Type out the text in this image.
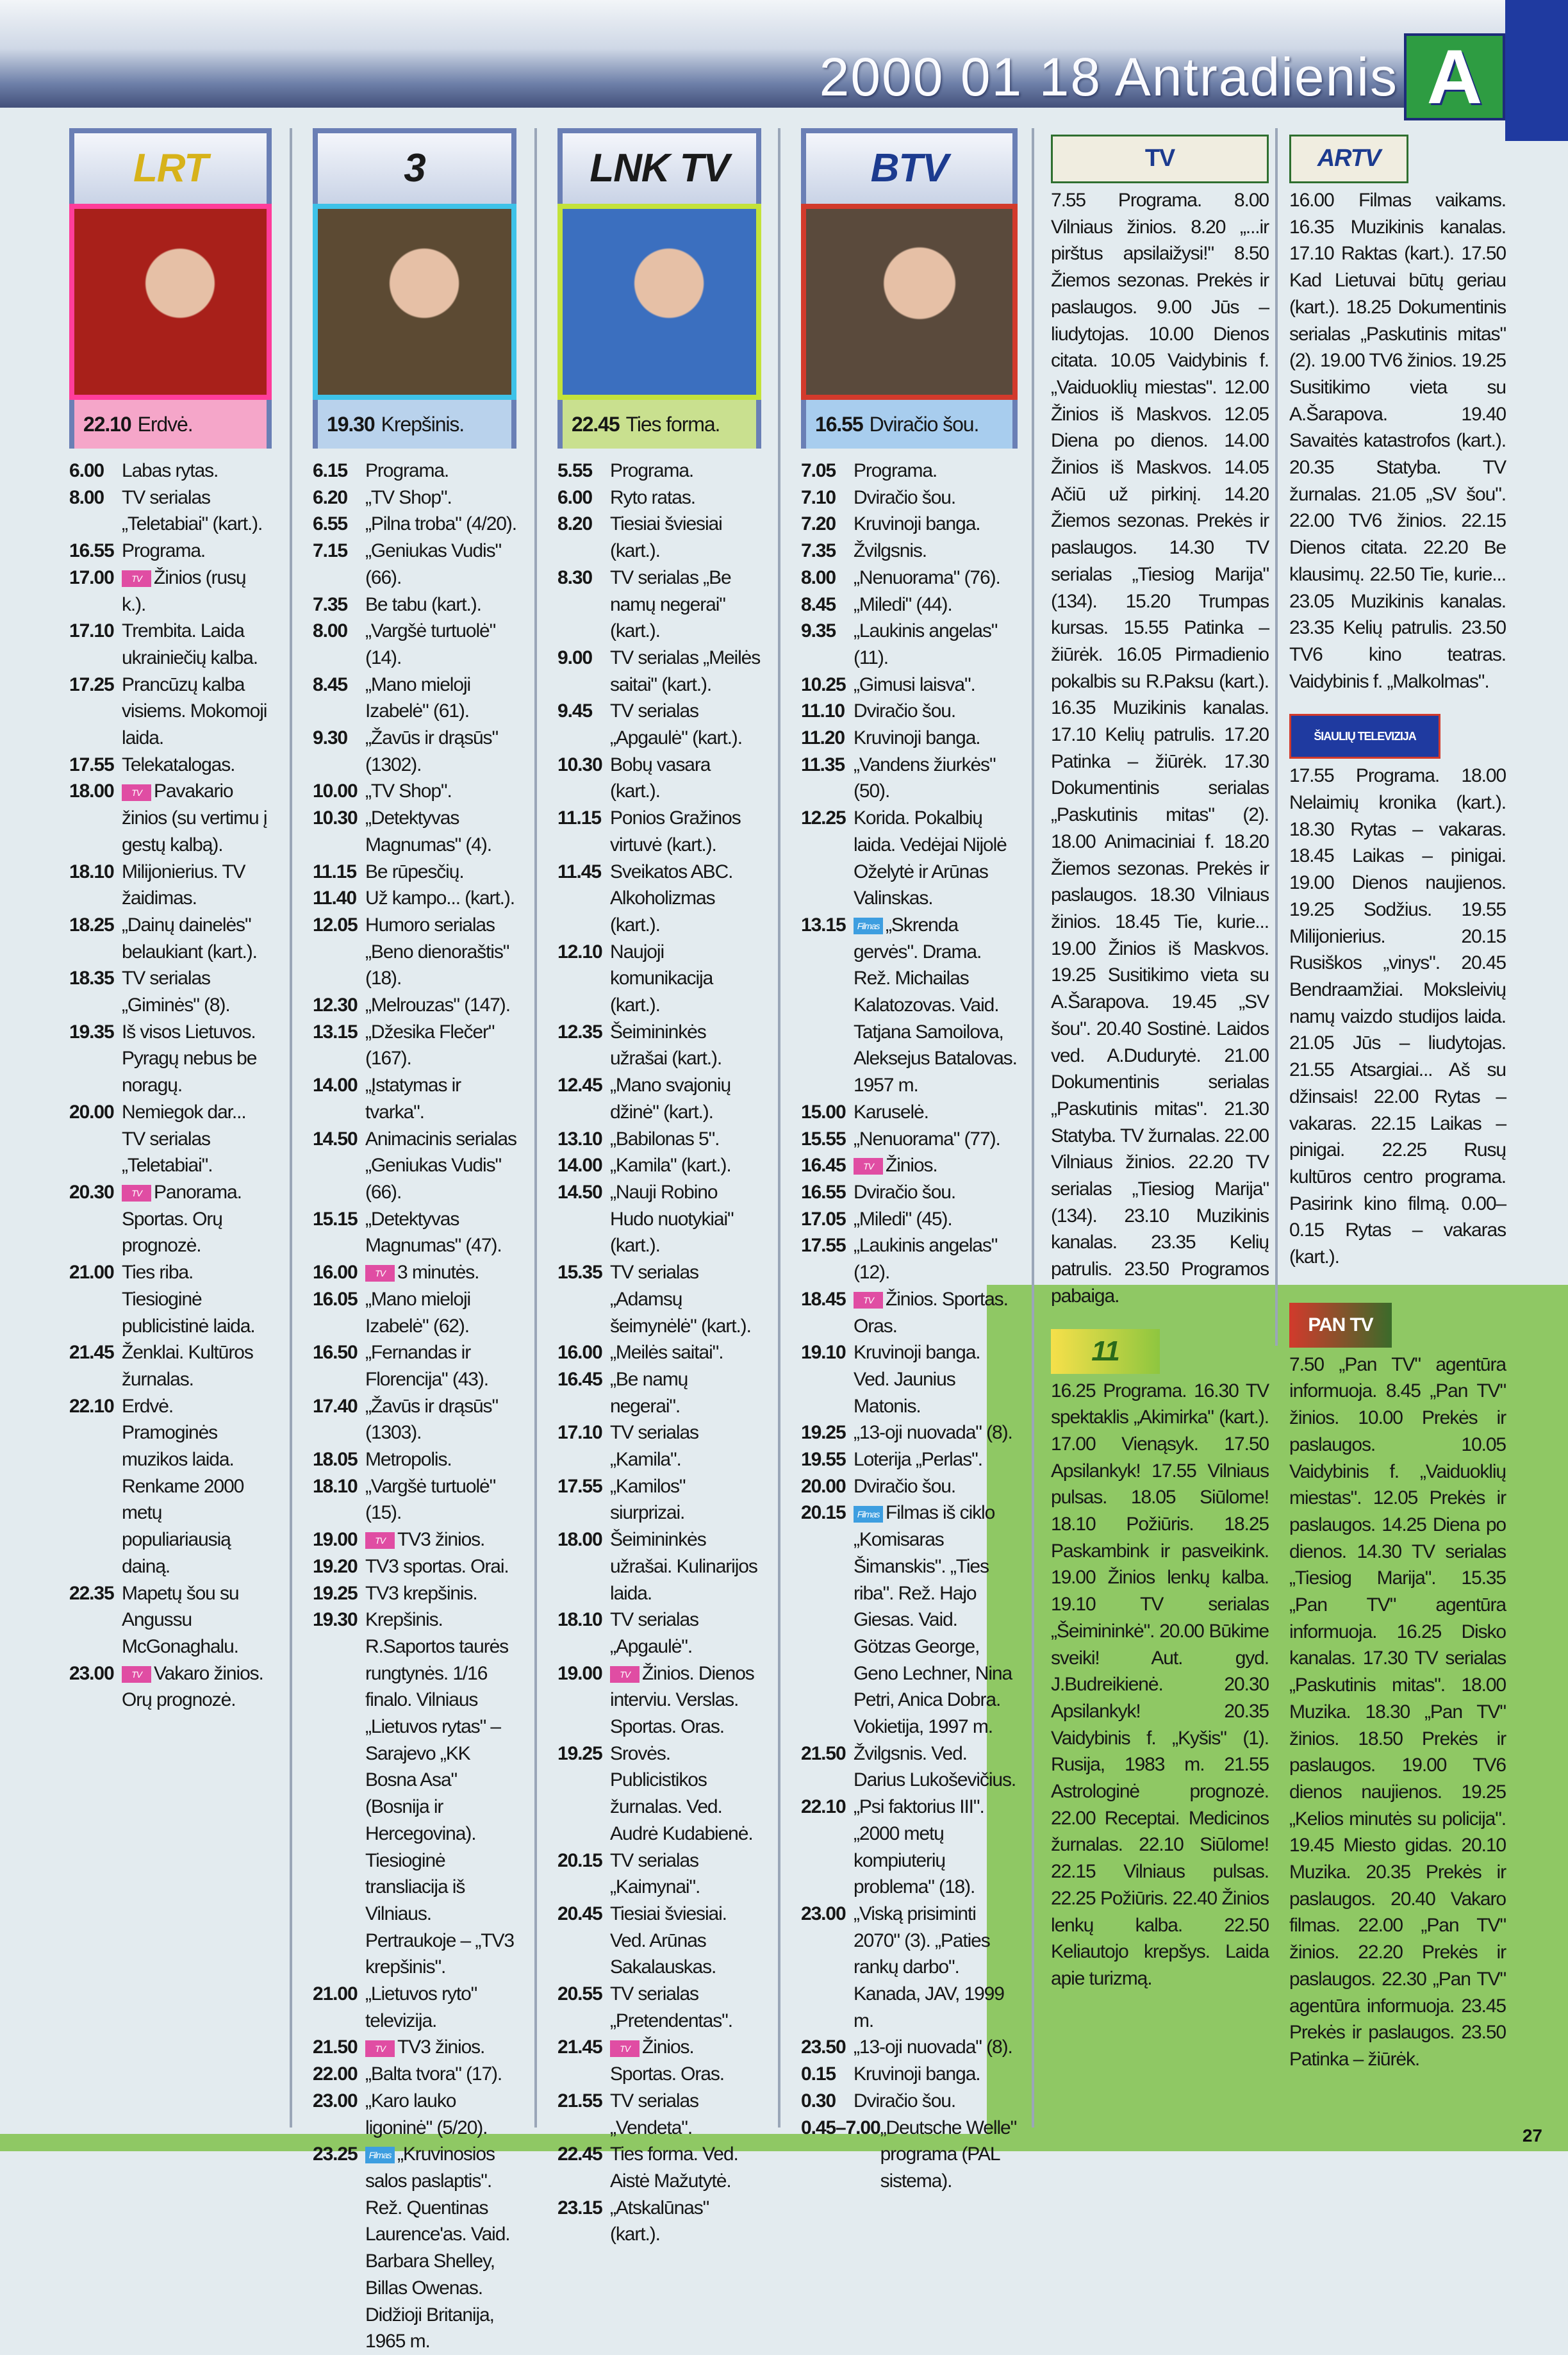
2000 01 18 Antradienis A
LRT
22.10 Erdvė.
6.00 Labas rytas.
8.00 TV serialas „Teletabiai" (kart.).
16.55 Programa.
17.00	TV Žinios (rusų k.).
17.10 Trembita. Laida ukrainiečių kalba.
17.25 Prancūzų kalba visiems. Mokomoji laida.
17.55 Telekatalogas.
18.00	TV Pavakario žinios (su vertimu į gestų kalbą).
18.10 Milijonierius. TV žaidimas.
18.25 „Dainų dainelės" belaukiant (kart.).
18.35 TV serialas „Giminės" (8).
19.35 Iš visos Lietuvos. Pyragų nebus be noragų.
20.00 Nemiegok dar... TV serialas „Teletabiai".
20.30	TV Panorama. Sportas. Orų prognozė.
21.00 Ties riba. Tiesioginė publicistinė laida.
21.45 Ženklai. Kultūros žurnalas.
22.10 Erdvė. Pramoginės muzikos laida. Renkame 2000 metų populiariausią dainą.
22.35 Mapetų šou su Angussu McGonaghalu.
23.00	TV Vakaro žinios. Orų prognozė.
3
19.30 Krepšinis.
6.15 Programa.
6.20 „TV Shop".
6.55 „Pilna troba" (4/20).
7.15 „Geniukas Vudis" (66).
7.35 Be tabu (kart.).
8.00 „Vargšė turtuolė" (14).
8.45 „Mano mieloji Izabelė" (61).
9.30 „Žavūs ir drąsūs" (1302).
10.00 „TV Shop".
10.30 „Detektyvas Magnumas" (4).
11.15 Be rūpesčių.
11.40 Už kampo... (kart.).
12.05 Humoro serialas „Beno dienoraštis" (18).
12.30 „Melrouzas" (147).
13.15 „Džesika Flečer" (167).
14.00 „Įstatymas ir tvarka".
14.50 Animacinis serialas „Geniukas Vudis" (66).
15.15 „Detektyvas Magnumas" (47).
16.00	TV 3 minutės.
16.05 „Mano mieloji Izabelė" (62).
16.50 „Fernandas ir Florencija" (43).
17.40 „Žavūs ir drąsūs" (1303).
18.05 Metropolis.
18.10 „Vargšė turtuolė" (15).
19.00	TV TV3 žinios.
19.20 TV3 sportas. Orai.
19.25 TV3 krepšinis.
19.30 Krepšinis. R.Saportos taurės rungtynės. 1/16 finalo. Vilniaus „Lietuvos rytas" – Sarajevo „KK Bosna Asa" (Bosnija ir Hercegovina). Tiesioginė transliacija iš Vilniaus. Pertraukoje – „TV3 krepšinis".
21.00 „Lietuvos ryto" televizija.
21.50	TV TV3 žinios.
22.00 „Balta tvora" (17).
23.00 „Karo lauko ligoninė" (5/20).
23.25	Filmas „Kruvinosios salos paslaptis". Rež. Quentinas Laurence'as. Vaid. Barbara Shelley, Billas Owenas. Didžioji Britanija, 1965 m.
LNK TV
22.45 Ties forma.
5.55 Programa.
6.00 Ryto ratas.
8.20 Tiesiai šviesiai (kart.).
8.30 TV serialas „Be namų negerai" (kart.).
9.00 TV serialas „Meilės saitai" (kart.).
9.45 TV serialas „Apgaulė" (kart.).
10.30 Bobų vasara (kart.).
11.15 Ponios Gražinos virtuvė (kart.).
11.45 Sveikatos ABC. Alkoholizmas (kart.).
12.10 Naujoji komunikacija (kart.).
12.35 Šeimininkės užrašai (kart.).
12.45 „Mano svajonių džinė" (kart.).
13.10 „Babilonas 5".
14.00 „Kamila" (kart.).
14.50 „Nauji Robino Hudo nuotykiai" (kart.).
15.35 TV serialas „Adamsų šeimynėlė" (kart.).
16.00 „Meilės saitai".
16.45 „Be namų negerai".
17.10 TV serialas „Kamila".
17.55 „Kamilos" siurprizai.
18.00 Šeimininkės užrašai. Kulinarijos laida.
18.10 TV serialas „Apgaulė".
19.00	TV Žinios. Dienos interviu. Verslas. Sportas. Oras.
19.25 Srovės. Publicistikos žurnalas. Ved. Audrė Kudabienė.
20.15 TV serialas „Kaimynai".
20.45 Tiesiai šviesiai. Ved. Arūnas Sakalauskas.
20.55 TV serialas „Pretendentas".
21.45	TV Žinios. Sportas. Oras.
21.55 TV serialas „Vendeta".
22.45 Ties forma. Ved. Aistė Mažutytė.
23.15 „Atskalūnas" (kart.).
BTV
16.55 Dviračio šou.
7.05 Programa.
7.10 Dviračio šou.
7.20 Kruvinoji banga.
7.35 Žvilgsnis.
8.00 „Nenuorama" (76).
8.45 „Miledi" (44).
9.35 „Laukinis angelas" (11).
10.25 „Gimusi laisva".
11.10 Dviračio šou.
11.20 Kruvinoji banga.
11.35 „Vandens žiurkės" (50).
12.25 Korida. Pokalbių laida. Vedėjai Nijolė Oželytė ir Arūnas Valinskas.
13.15	Filmas „Skrenda gervės". Drama. Rež. Michailas Kalatozovas. Vaid. Tatjana Samoilova, Aleksejus Batalovas. 1957 m.
15.00 Karuselė.
15.55 „Nenuorama" (77).
16.45	TV Žinios.
16.55 Dviračio šou.
17.05 „Miledi" (45).
17.55 „Laukinis angelas" (12).
18.45	TV Žinios. Sportas. Oras.
19.10 Kruvinoji banga. Ved. Jaunius Matonis.
19.25 „13-oji nuovada" (8).
19.55 Loterija „Perlas".
20.00 Dviračio šou.
20.15	Filmas Filmas iš ciklo „Komisaras Šimanskis". „Ties riba". Rež. Hajo Giesas. Vaid. Götzas George, Geno Lechner, Nina Petri, Anica Dobra. Vokietija, 1997 m.
21.50 Žvilgsnis. Ved. Darius Lukoševičius.
22.10 „Psi faktorius III". „2000 metų kompiuterių problema" (18).
23.00 „Viską prisiminti 2070" (3). „Paties rankų darbo". Kanada, JAV, 1999 m.
23.50 „13-oji nuovada" (8).
0.15 Kruvinoji banga.
0.30 Dviračio šou.
0.45–7.00 „Deutsche Welle" programa (PAL sistema).
TV
7.55 Programa. 8.00 Vilniaus žinios. 8.20 „...ir pirštus apsilaižysi!" 8.50 Žiemos sezonas. Prekės ir paslaugos. 9.00 Jūs – liudytojas. 10.00 Dienos citata. 10.05 Vaidybinis f. „Vaiduoklių miestas". 12.00 Žinios iš Maskvos. 12.05 Diena po dienos. 14.00 Žinios iš Maskvos. 14.05 Ačiū už pirkinį. 14.20 Žiemos sezonas. Prekės ir paslaugos. 14.30 TV serialas „Tiesiog Marija" (134). 15.20 Trumpas kursas. 15.55 Patinka – žiūrėk. 16.05 Pirmadienio pokalbis su R.Paksu (kart.). 16.35 Muzikinis kanalas. 17.10 Kelių patrulis. 17.20 Patinka – žiūrėk. 17.30 Dokumentinis serialas „Paskutinis mitas" (2). 18.00 Animaciniai f. 18.20 Žiemos sezonas. Prekės ir paslaugos. 18.30 Vilniaus žinios. 18.45 Tie, kurie... 19.00 Žinios iš Maskvos. 19.25 Susitikimo vieta su A.Šarapova. 19.45 „SV šou". 20.40 Sostinė. Laidos ved. A.Dudurytė. 21.00 Dokumentinis serialas „Paskutinis mitas". 21.30 Statyba. TV žurnalas. 22.00 Vilniaus žinios. 22.20 TV serialas „Tiesiog Marija" (134). 23.10 Muzikinis kanalas. 23.35 Kelių patrulis. 23.50 Programos pabaiga.
11
16.25 Programa. 16.30 TV spektaklis „Akimirka" (kart.). 17.00 Vienąsyk. 17.50 Apsilankyk! 17.55 Vilniaus pulsas. 18.05 Siūlome! 18.10 Požiūris. 18.25 Paskambink ir pasveikink. 19.00 Žinios lenkų kalba. 19.10 TV serialas „Šeimininkė". 20.00 Būkime sveiki! Aut. gyd. J.Budreikienė. 20.30 Apsilankyk! 20.35 Vaidybinis f. „Kyšis" (1). Rusija, 1983 m. 21.55 Astrologinė prognozė. 22.00 Receptai. Medicinos žurnalas. 22.10 Siūlome! 22.15 Vilniaus pulsas. 22.25 Požiūris. 22.40 Žinios lenkų kalba. 22.50 Keliautojo krepšys. Laida apie turizmą.
ARTV
16.00 Filmas vaikams. 16.35 Muzikinis kanalas. 17.10 Raktas (kart.). 17.50 Kad Lietuvai būtų geriau (kart.). 18.25 Dokumentinis serialas „Paskutinis mitas" (2). 19.00 TV6 žinios. 19.25 Susitikimo vieta su A.Šarapova. 19.40 Savaitės katastrofos (kart.). 20.35 Statyba. TV žurnalas. 21.05 „SV šou". 22.00 TV6 žinios. 22.15 Dienos citata. 22.20 Be klausimų. 22.50 Tie, kurie... 23.05 Muzikinis kanalas. 23.35 Kelių patrulis. 23.50 TV6 kino teatras. Vaidybinis f. „Malkolmas".
ŠIAULIŲ TELEVIZIJA
17.55 Programa. 18.00 Nelaimių kronika (kart.). 18.30 Rytas – vakaras. 18.45 Laikas – pinigai. 19.00 Dienos naujienos. 19.25 Sodžius. 19.55 Milijonierius. 20.15 Rusiškos „vinys". 20.45 Bendraamžiai. Moksleivių namų vaizdo studijos laida. 21.05 Jūs – liudytojas. 21.55 Atsargiai... Aš su džinsais! 22.00 Rytas – vakaras. 22.15 Laikas – pinigai. 22.25 Rusų kultūros centro programa. Pasirink kino filmą. 0.00–0.15 Rytas – vakaras (kart.).
PAN TV
7.50 „Pan TV" agentūra informuoja. 8.45 „Pan TV" žinios. 10.00 Prekės ir paslaugos. 10.05 Vaidybinis f. „Vaiduoklių miestas". 12.05 Prekės ir paslaugos. 14.25 Diena po dienos. 14.30 TV serialas „Tiesiog Marija". 15.35 „Pan TV" agentūra informuoja. 16.25 Disko kanalas. 17.30 TV serialas „Paskutinis mitas". 18.00 Muzika. 18.30 „Pan TV" žinios. 18.50 Prekės ir paslaugos. 19.00 TV6 dienos naujienos. 19.25 „Kelios minutės su policija". 19.45 Miesto gidas. 20.10 Muzika. 20.35 Prekės ir paslaugos. 20.40 Vakaro filmas. 22.00 „Pan TV" žinios. 22.20 Prekės ir paslaugos. 22.30 „Pan TV" agentūra informuoja. 23.45 Prekės ir paslaugos. 23.50 Patinka – žiūrėk.
27
